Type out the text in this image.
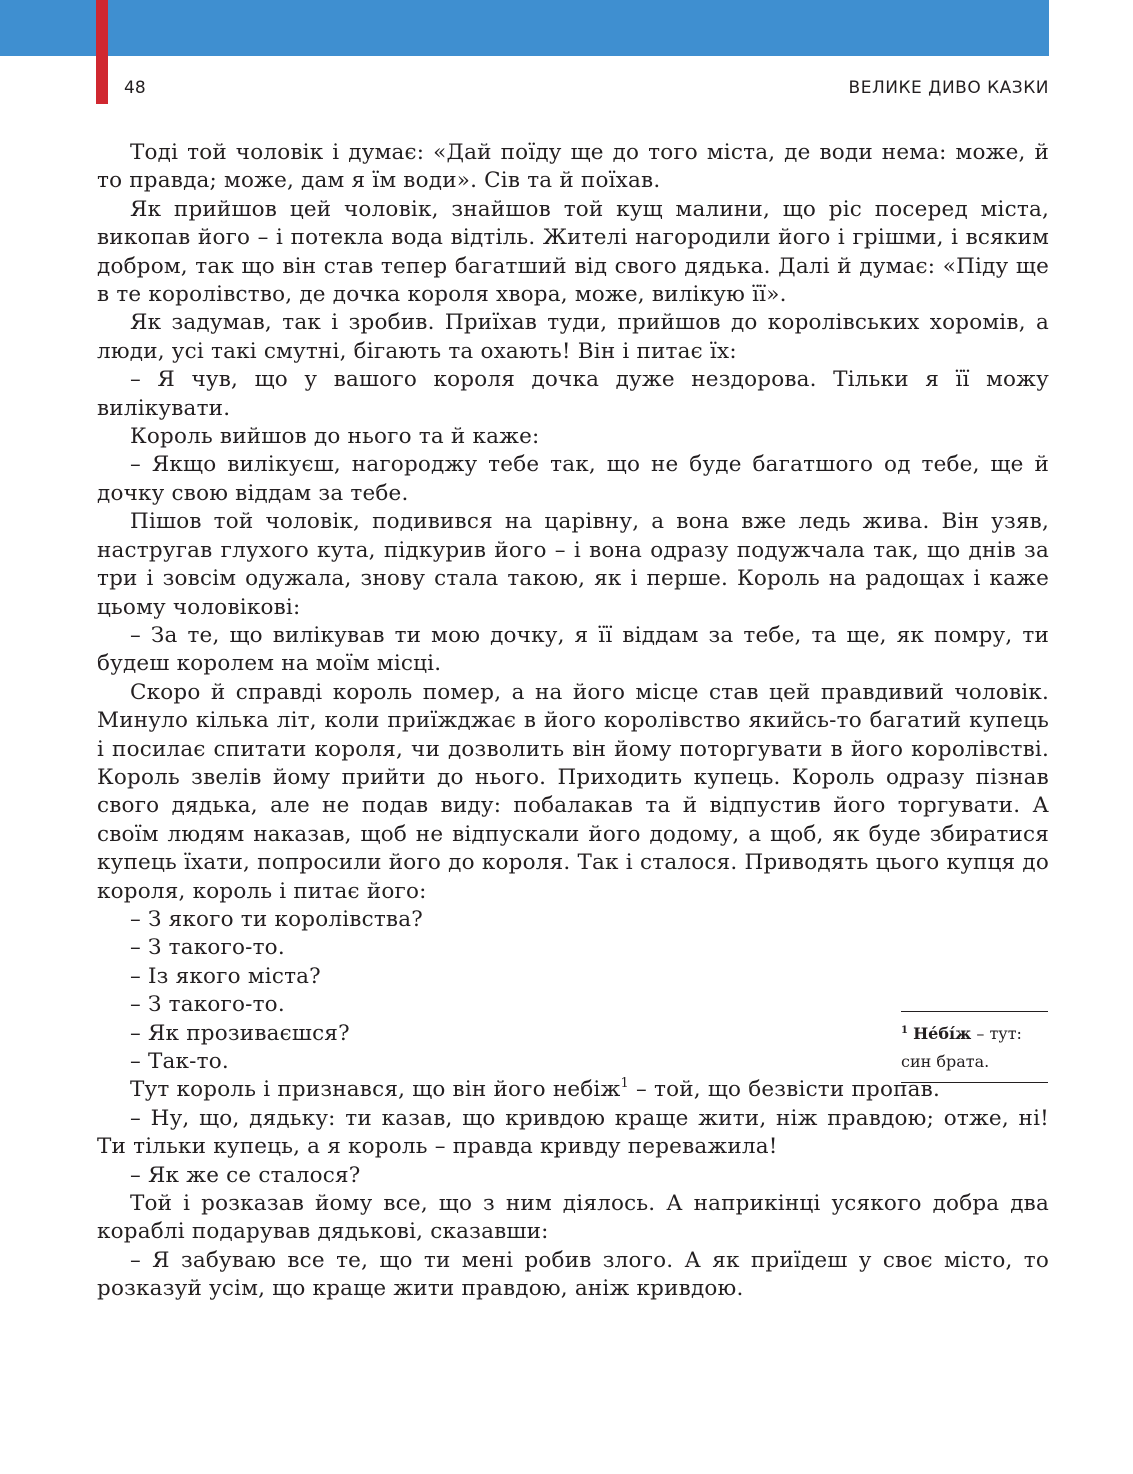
48	ВЕЛИКЕ ДИВО КАЗКИ

Тоді той чоловік і думає: «Дай поїду ще до того міста, де води нема: може, й то правда; може, дам я їм води». Сів та й поїхав.

Як прийшов цей чоловік, знайшов той кущ малини, що ріс посеред міста, викопав його – і потекла вода відтіль. Жителі нагородили його і грішми, і всяким добром, так що він став тепер багатший від свого дядька. Далі й думає: «Піду ще в те королівство, де дочка короля хвора, може, вилікую її».

Як задумав, так і зробив. Приїхав туди, прийшов до королівських хоромів, а люди, усі такі смутні, бігають та охають! Він і питає їх:

– Я чув, що у вашого короля дочка дуже нездорова. Тільки я її можу вилікувати.

Король вийшов до нього та й каже:

– Якщо вилікуєш, нагороджу тебе так, що не буде багатшого од тебе, ще й дочку свою віддам за тебе.

Пішов той чоловік, подивився на царівну, а вона вже ледь жива. Він узяв, настругав глухого кута, підкурив його – і вона одразу подужчала так, що днів за три і зовсім одужала, знову стала такою, як і перше. Король на радощах і каже цьому чоловікові:

– За те, що вилікував ти мою дочку, я її віддам за тебе, та ще, як помру, ти будеш королем на моїм місці.

Скоро й справді король помер, а на його місце став цей правдивий чоловік. Минуло кілька літ, коли приїжджає в його королівство якийсь-то багатий купець і посилає спитати короля, чи дозволить він йому поторгувати в його королівстві. Король звелів йому прийти до нього. Приходить купець. Король одразу пізнав свого дядька, але не подав виду: побалакав та й відпустив його торгувати. А своїм людям наказав, щоб не відпускали його додому, а щоб, як буде збиратися купець їхати, попросили його до короля. Так і сталося. Приводять цього купця до короля, король і питає його:

– З якого ти королівства?

– З такого-то.

– Із якого міста?

– З такого-то.

– Як прозиваєшся?

– Так-то.

Тут король і признався, що він його небіж$^1$ – той, що безвісти пропав.

– Ну, що, дядьку: ти казав, що кривдою краще жити, ніж правдою; отже, ні! Ти тільки купець, а я король – правда кривду переважила!

– Як же се сталося?

Той і розказав йому все, що з ним діялось. А наприкінці усякого добра два кораблі подарував дядькові, сказавши:

– Я забуваю все те, що ти мені робив злого. А як приїдеш у своє місто, то розказуй усім, що краще жити правдою, аніж кривдою.

$^1$ Не́бі́ж – тут: син брата.
